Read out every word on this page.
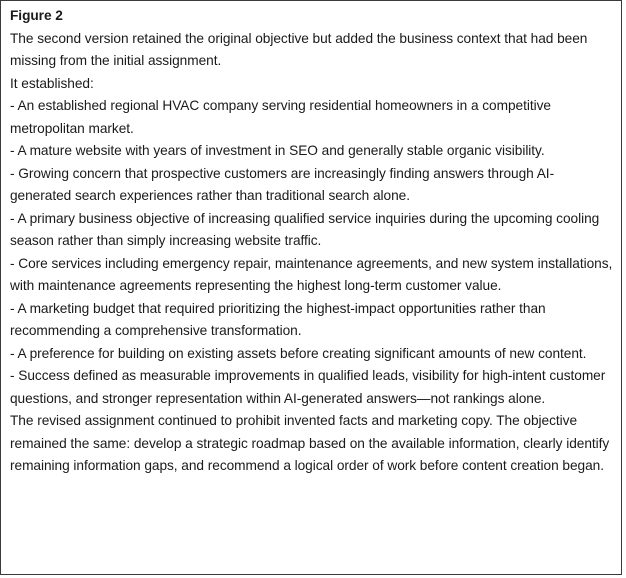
Figure 2

The second version retained the original objective but added the business context that had been missing from the initial assignment.

It established:

- An established regional HVAC company serving residential homeowners in a competitive metropolitan market.
- A mature website with years of investment in SEO and generally stable organic visibility.
- Growing concern that prospective customers are increasingly finding answers through AI-generated search experiences rather than traditional search alone.
- A primary business objective of increasing qualified service inquiries during the upcoming cooling season rather than simply increasing website traffic.
- Core services including emergency repair, maintenance agreements, and new system installations, with maintenance agreements representing the highest long-term customer value.
- A marketing budget that required prioritizing the highest-impact opportunities rather than recommending a comprehensive transformation.
- A preference for building on existing assets before creating significant amounts of new content.
- Success defined as measurable improvements in qualified leads, visibility for high-intent customer questions, and stronger representation within AI-generated answers—not rankings alone.

The revised assignment continued to prohibit invented facts and marketing copy. The objective remained the same: develop a strategic roadmap based on the available information, clearly identify remaining information gaps, and recommend a logical order of work before content creation began.
